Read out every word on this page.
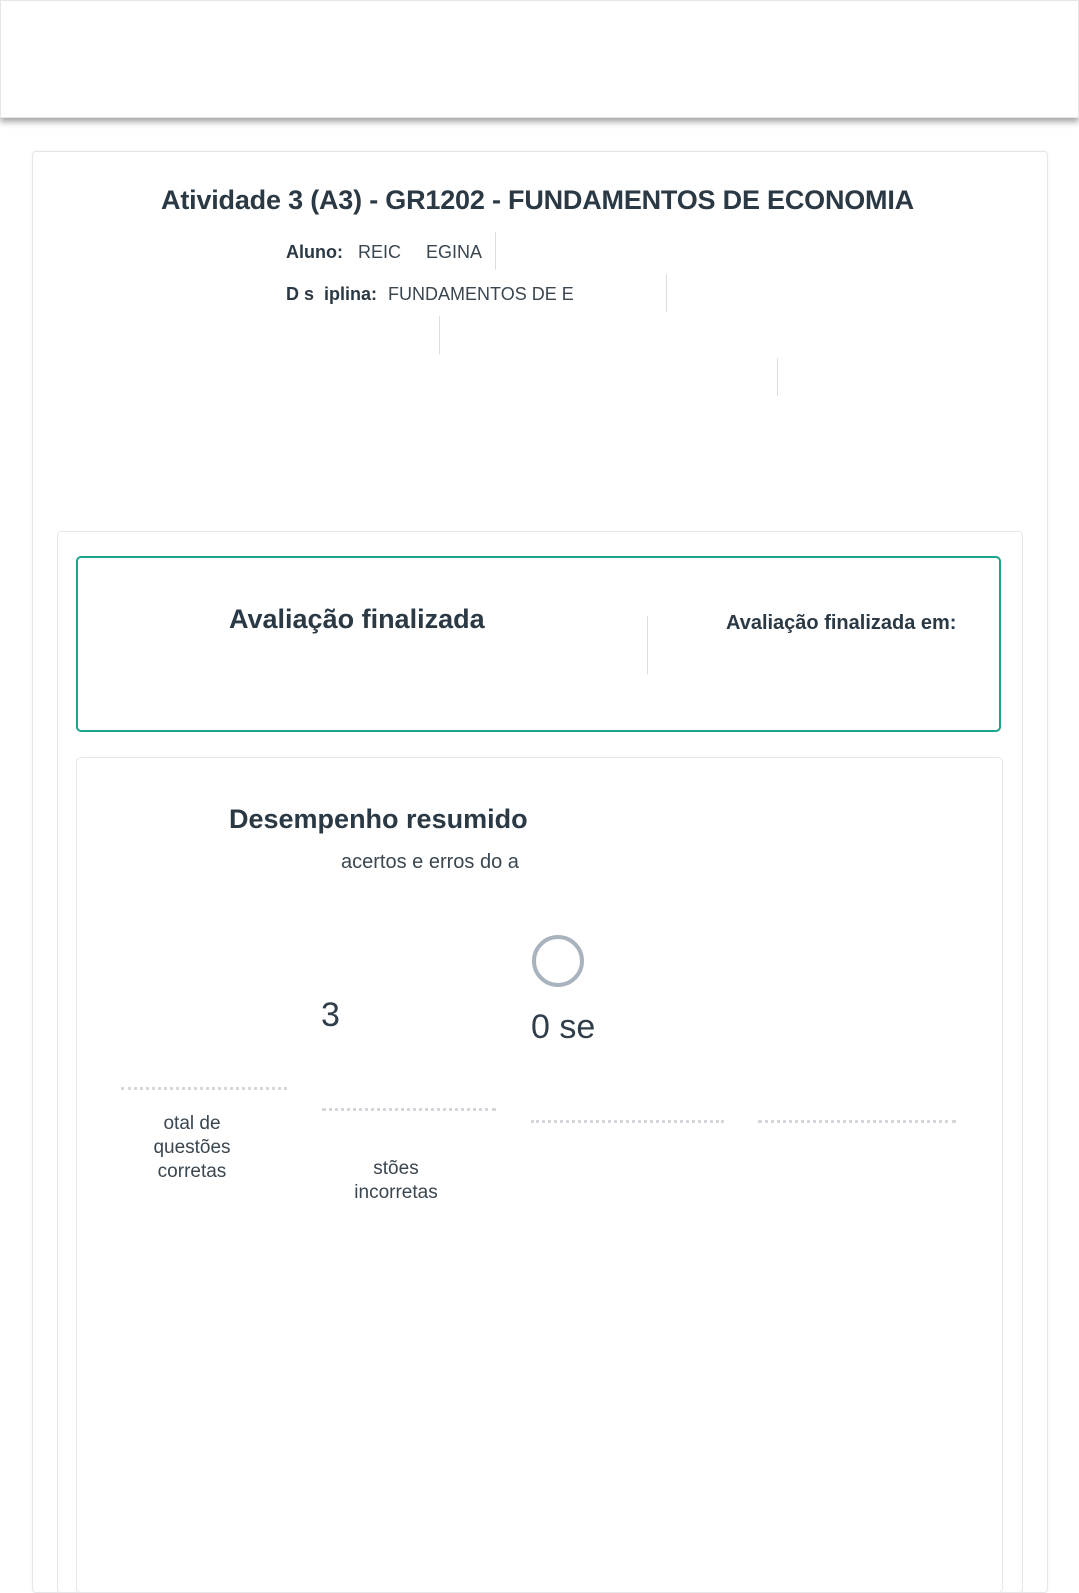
Atividade 3 (A3) - GR1202 - FUNDAMENTOS DE ECONOMIA
Aluno: REIC     EGINA
D s  iplina: FUNDAMENTOS DE E
Avaliação finalizada	Avaliação finalizada em:
Desempenho resumido
acertos e erros do a
3	0 se
otal de
questões
corretas	stões
incorretas
